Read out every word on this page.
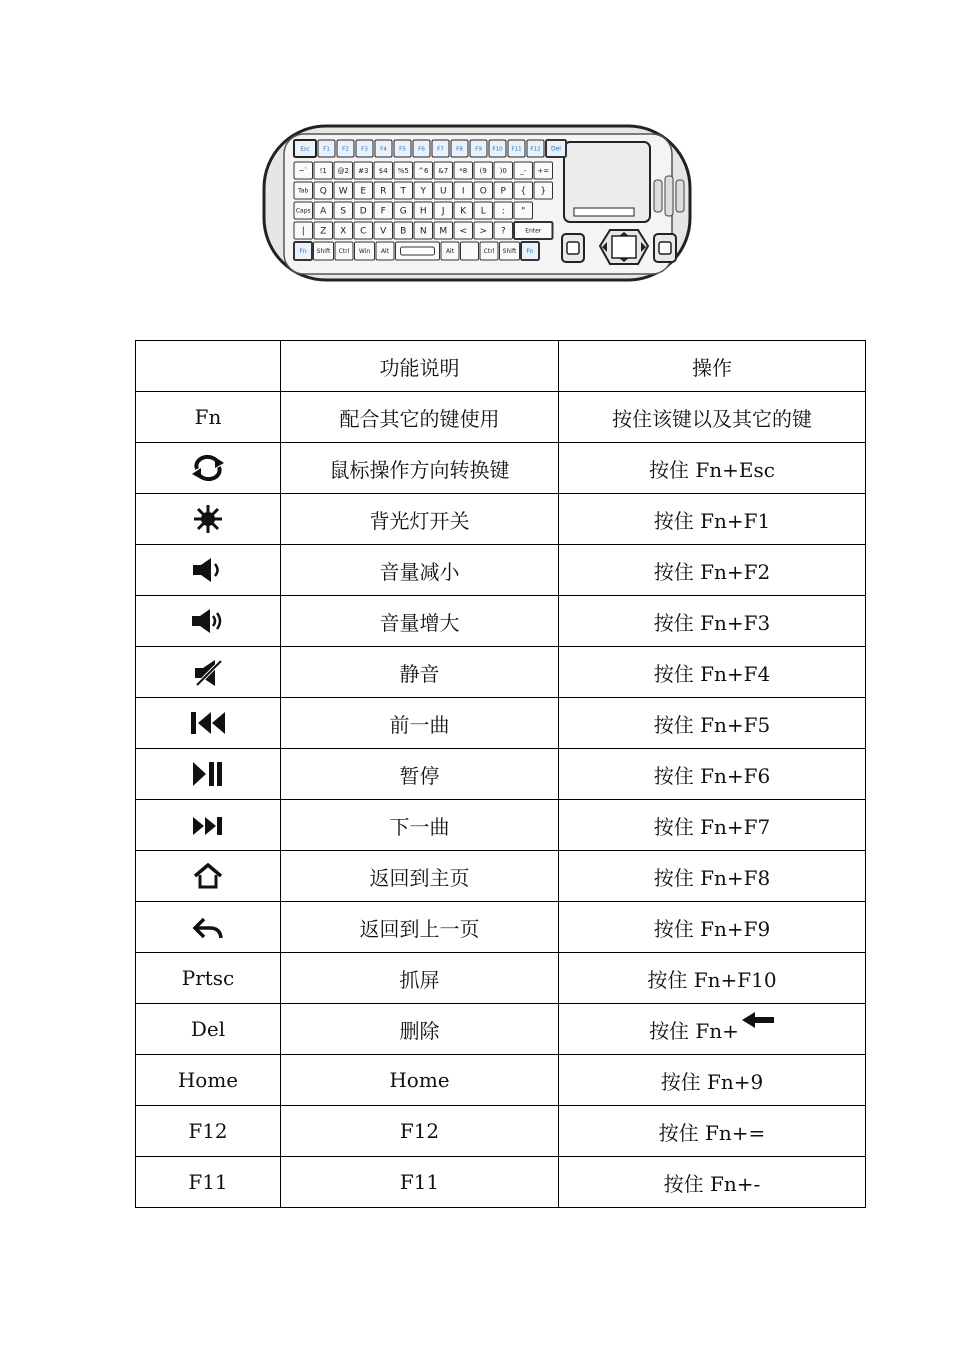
Esc F1 F2 F3 F4 F5 F6 F7 F8 F9 F10 F11 F12 Del
~` !1 @2 #3 $4 %5 ^6 &7 *8 (9 )0 _- +=
Tab Q W E R T Y U I O P { }
Caps A S D F G H J K L : "
| Z X C V B N M < > ?	Enter
Fn Shift Ctrl Win Alt	Alt	Ctrl Shift Fn
	功能说明	操作
Fn	配合其它的键使用	按住该键以及其它的键
	鼠标操作方向转换键	按住 Fn+Esc
	背光灯开关	按住 Fn+F1
	音量减小	按住 Fn+F2
	音量增大	按住 Fn+F3
	静音	按住 Fn+F4
	前一曲	按住 Fn+F5
	暂停	按住 Fn+F6
	下一曲	按住 Fn+F7
	返回到主页	按住 Fn+F8
	返回到上一页	按住 Fn+F9
Prtsc	抓屏	按住 Fn+F10
Del	删除	按住 Fn+

Home	Home	按住 Fn+9
F12	F12	按住 Fn+=
F11	F11	按住 Fn+-
